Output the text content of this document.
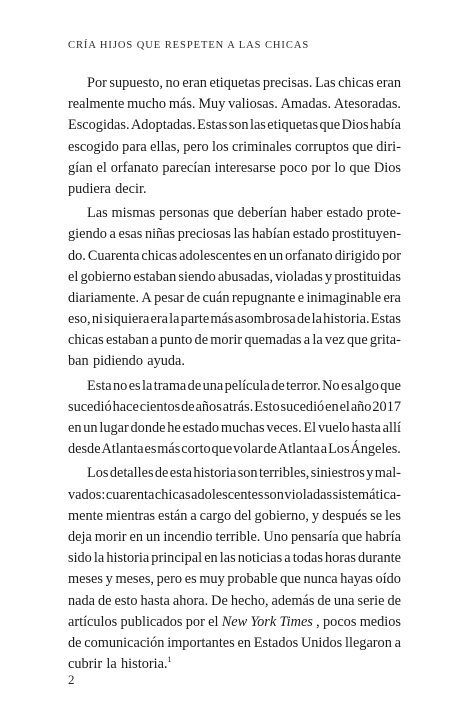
CRÍA HIJOS QUE RESPETEN A LAS CHICAS
Por supuesto, no eran etiquetas precisas. Las chicas eran
realmente mucho más. Muy valiosas. Amadas. Atesoradas.
Escogidas. Adoptadas. Estas son las etiquetas que Dios había
escogido para ellas, pero los criminales corruptos que diri-
gían el orfanato parecían interesarse poco por lo que Dios
pudiera decir.
Las mismas personas que deberían haber estado prote-
giendo a esas niñas preciosas las habían estado prostituyen-
do. Cuarenta chicas adolescentes en un orfanato dirigido por
el gobierno estaban siendo abusadas, violadas y prostituidas
diariamente. A pesar de cuán repugnante e inimaginable era
eso, ni siquiera era la parte más asombrosa de la historia. Estas
chicas estaban a punto de morir quemadas a la vez que grita-
ban pidiendo ayuda.
Esta no es la trama de una película de terror. No es algo que
sucedió hace cientos de años atrás. Esto sucedió en el año 2017
en un lugar donde he estado muchas veces. El vuelo hasta allí
desde Atlanta es más corto que volar de Atlanta a Los Ángeles.
Los detalles de esta historia son terribles, siniestros y mal-
vados: cuarenta chicas adolescentes son violadas sistemática-
mente mientras están a cargo del gobierno, y después se les
deja morir en un incendio terrible. Uno pensaría que habría
sido la historia principal en las noticias a todas horas durante
meses y meses, pero es muy probable que nunca hayas oído
nada de esto hasta ahora. De hecho, además de una serie de
artículos publicados por el New York Times , pocos medios
de comunicación importantes en Estados Unidos llegaron a
cubrir la historia.$^1$
2
